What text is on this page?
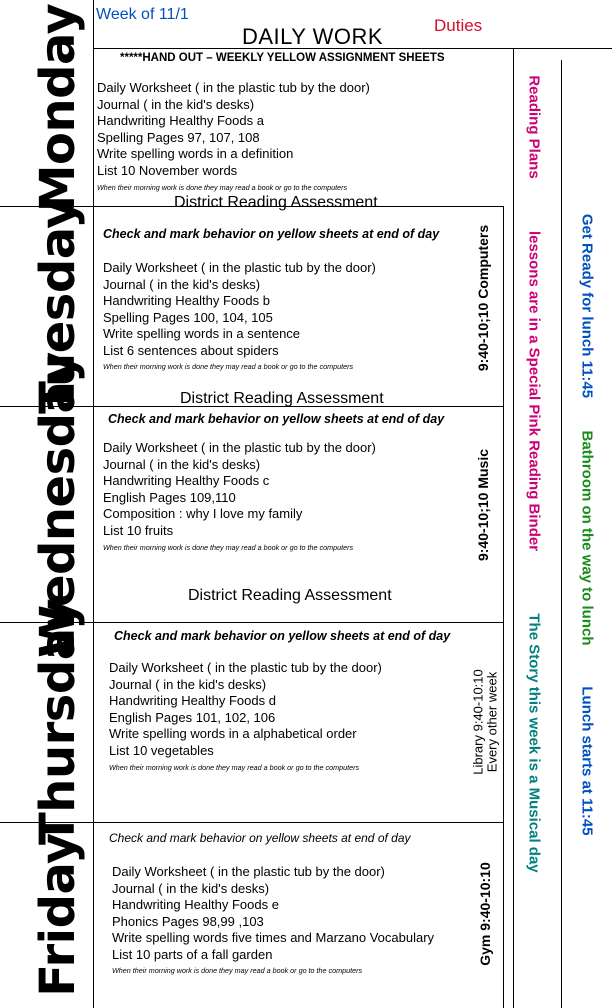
Week of 11/1
DAILY WORK	Duties
*****HAND OUT – WEEKLY YELLOW ASSIGNMENT SHEETS
Monday
Tuesday
Wednesday
Thursday
Friday
Daily Worksheet ( in the plastic tub by the door)
Journal ( in the kid's desks)
Handwriting Healthy Foods a
Spelling Pages 97, 107, 108
Write spelling words in a definition
List 10 November words
When their morning work is done they may read a book or go to the computers
District Reading Assessment
Check and mark behavior on yellow sheets at end of day
Daily Worksheet ( in the plastic tub by the door)
Journal ( in the kid's desks)
Handwriting Healthy Foods b
Spelling Pages 100, 104, 105
Write spelling words in a sentence
List 6 sentences about spiders
When their morning work is done they may read a book or go to the computers
District Reading Assessment
9:40-10;10 Computers
Check and mark behavior on yellow sheets at end of day
Daily Worksheet ( in the plastic tub by the door)
Journal ( in the kid's desks)
Handwriting Healthy Foods c
English Pages 109,110
Composition : why I love my family
List 10 fruits
When their morning work is done they may read a book or go to the computers
District Reading Assessment
9:40-10;10 Music
Check and mark behavior on yellow sheets at end of day
Daily Worksheet ( in the plastic tub by the door)
Journal ( in the kid's desks)
Handwriting Healthy Foods d
English Pages 101, 102, 106
Write spelling words in a alphabetical order
List 10 vegetables
When their morning work is done they may read a book or go to the computers	Library 9:40-10:10 Every other week
Check and mark behavior on yellow sheets at end of day
Daily Worksheet ( in the plastic tub by the door)
Journal ( in the kid's desks)
Handwriting Healthy Foods e
Phonics Pages 98,99 ,103
Write spelling words five times and Marzano Vocabulary
List 10 parts of a fall garden
When their morning work is done they may read a book or go to the computers
Gym 9:40-10:10
Reading Plans
lessons are in a Special Pink Reading Binder
The Story this week is a Musical day
Get Ready for lunch 11:45
Bathroom on the way to lunch
Lunch starts at 11:45
